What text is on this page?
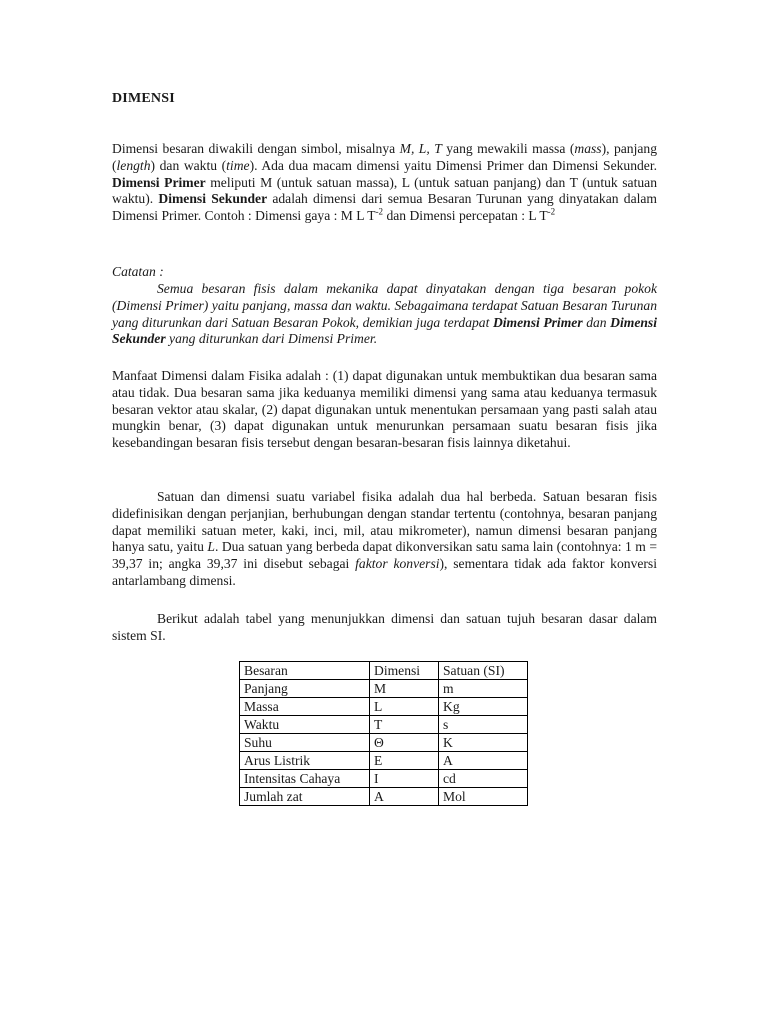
DIMENSI

Dimensi besaran diwakili dengan simbol, misalnya M, L, T yang mewakili massa (mass), panjang (length) dan waktu (time). Ada dua macam dimensi yaitu Dimensi Primer dan Dimensi Sekunder. Dimensi Primer meliputi M (untuk satuan massa), L (untuk satuan panjang) dan T (untuk satuan waktu). Dimensi Sekunder adalah dimensi dari semua Besaran Turunan yang dinyatakan dalam Dimensi Primer. Contoh : Dimensi gaya : M L $T^{-2}$ dan Dimensi percepatan : L $T^{-2}$

Catatan :

Semua besaran fisis dalam mekanika dapat dinyatakan dengan tiga besaran pokok (Dimensi Primer) yaitu panjang, massa dan waktu. Sebagaimana terdapat Satuan Besaran Turunan yang diturunkan dari Satuan Besaran Pokok, demikian juga terdapat Dimensi Primer dan Dimensi Sekunder yang diturunkan dari Dimensi Primer.

Manfaat Dimensi dalam Fisika adalah : (1) dapat digunakan untuk membuktikan dua besaran sama atau tidak. Dua besaran sama jika keduanya memiliki dimensi yang sama atau keduanya termasuk besaran vektor atau skalar, (2) dapat digunakan untuk menentukan persamaan yang pasti salah atau mungkin benar, (3) dapat digunakan untuk menurunkan persamaan suatu besaran fisis jika kesebandingan besaran fisis tersebut dengan besaran-besaran fisis lainnya diketahui.

Satuan dan dimensi suatu variabel fisika adalah dua hal berbeda. Satuan besaran fisis didefinisikan dengan perjanjian, berhubungan dengan standar tertentu (contohnya, besaran panjang dapat memiliki satuan meter, kaki, inci, mil, atau mikrometer), namun dimensi besaran panjang hanya satu, yaitu L. Dua satuan yang berbeda dapat dikonversikan satu sama lain (contohnya: 1 m = 39,37 in; angka 39,37 ini disebut sebagai faktor konversi), sementara tidak ada faktor konversi antarlambang dimensi.

Berikut adalah tabel yang menunjukkan dimensi dan satuan tujuh besaran dasar dalam sistem SI.

Besaran	Dimensi	Satuan (SI)
Panjang	M	m
Massa	L	Kg
Waktu	T	s
Suhu	Θ	K
Arus Listrik	E	A
Intensitas Cahaya	I	cd
Jumlah zat	A	Mol
